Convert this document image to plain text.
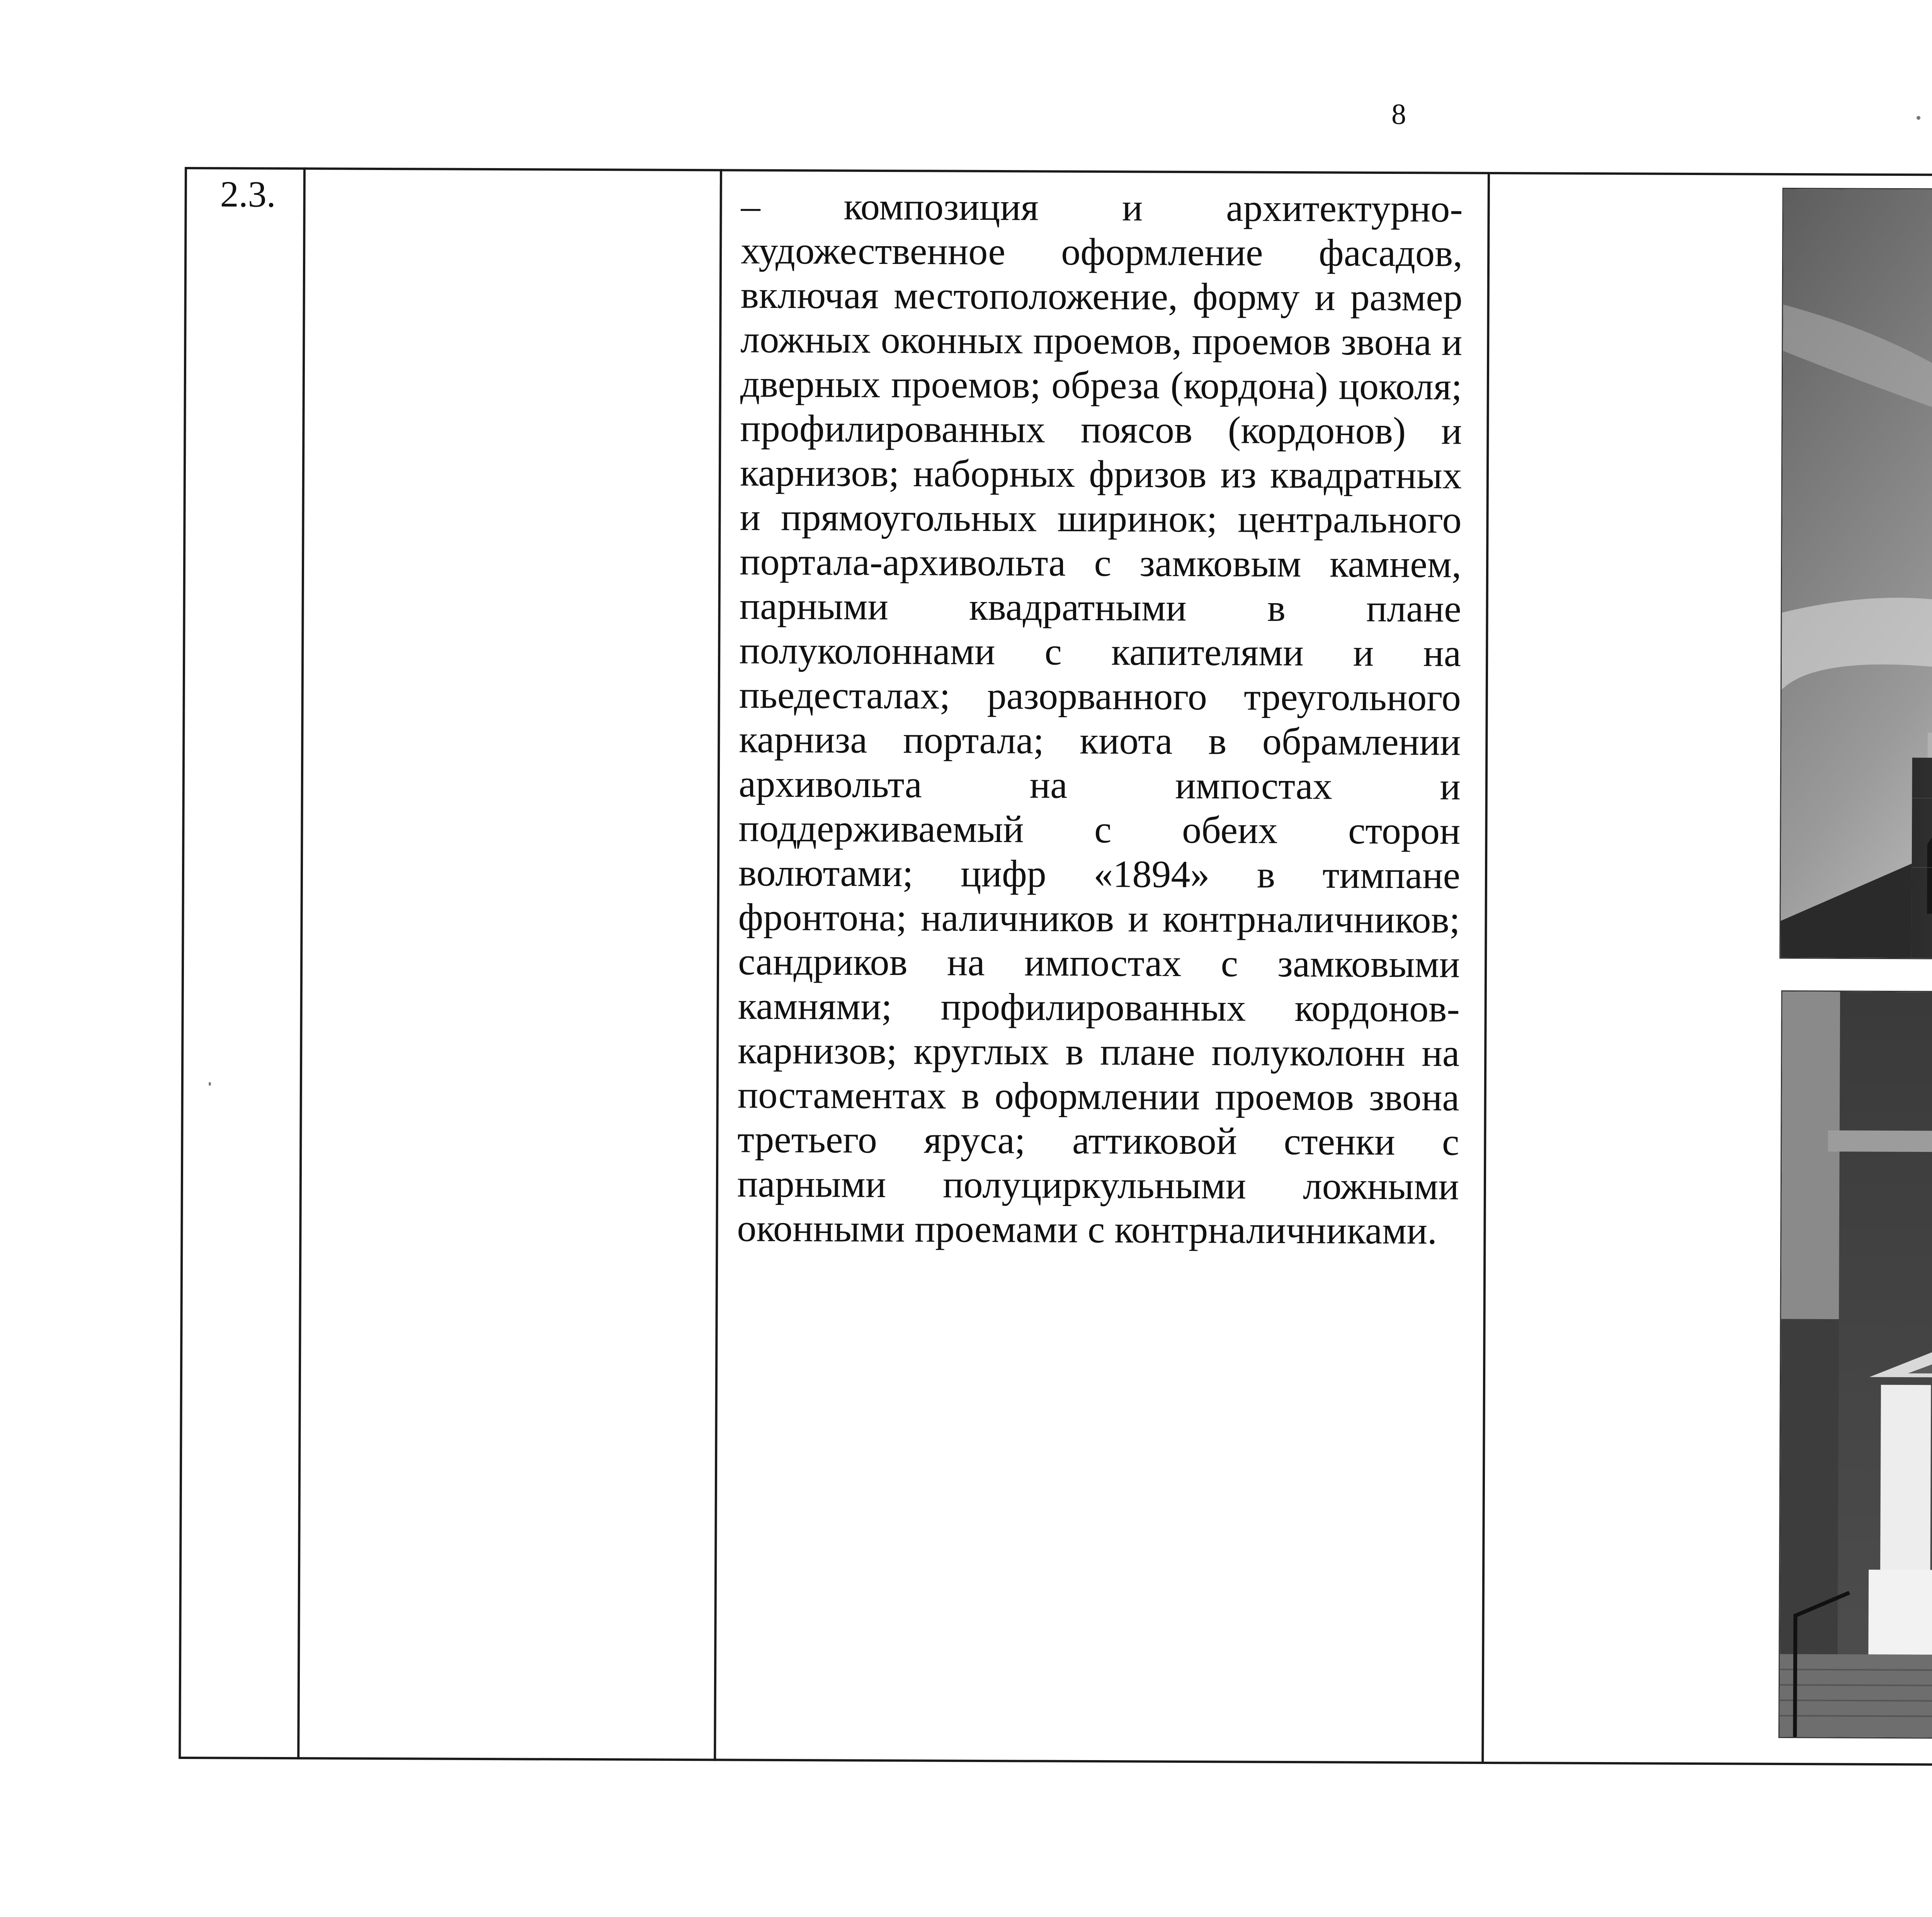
8
2.3.	– композиция и архитектурно-художественное оформление фасадов, включая местоположение, форму и размер ложных оконных проемов, проемов звона и дверных проемов; обреза (кордона) цоколя; профилированных поясов (кордонов) и карнизов; наборных фризов из квадратных и прямоугольных ширинок; центрального портала-архивольта с замковым камнем, парными квадратными в плане полуколоннами с капителями и на пьедесталах; разорванного треугольного карниза портала; киота в обрамлении архивольта на импостах и поддерживаемый с обеих сторон волютами; цифр «1894» в тимпане фронтона; наличников и контрналичников; сандриков на импостах с замковыми камнями; профилированных кордонов-карнизов; круглых в плане полуколонн на постаментах в оформлении проемов звона третьего яруса; аттиковой стенки с парными полуциркульными ложными оконными проемами с контрналичниками.
